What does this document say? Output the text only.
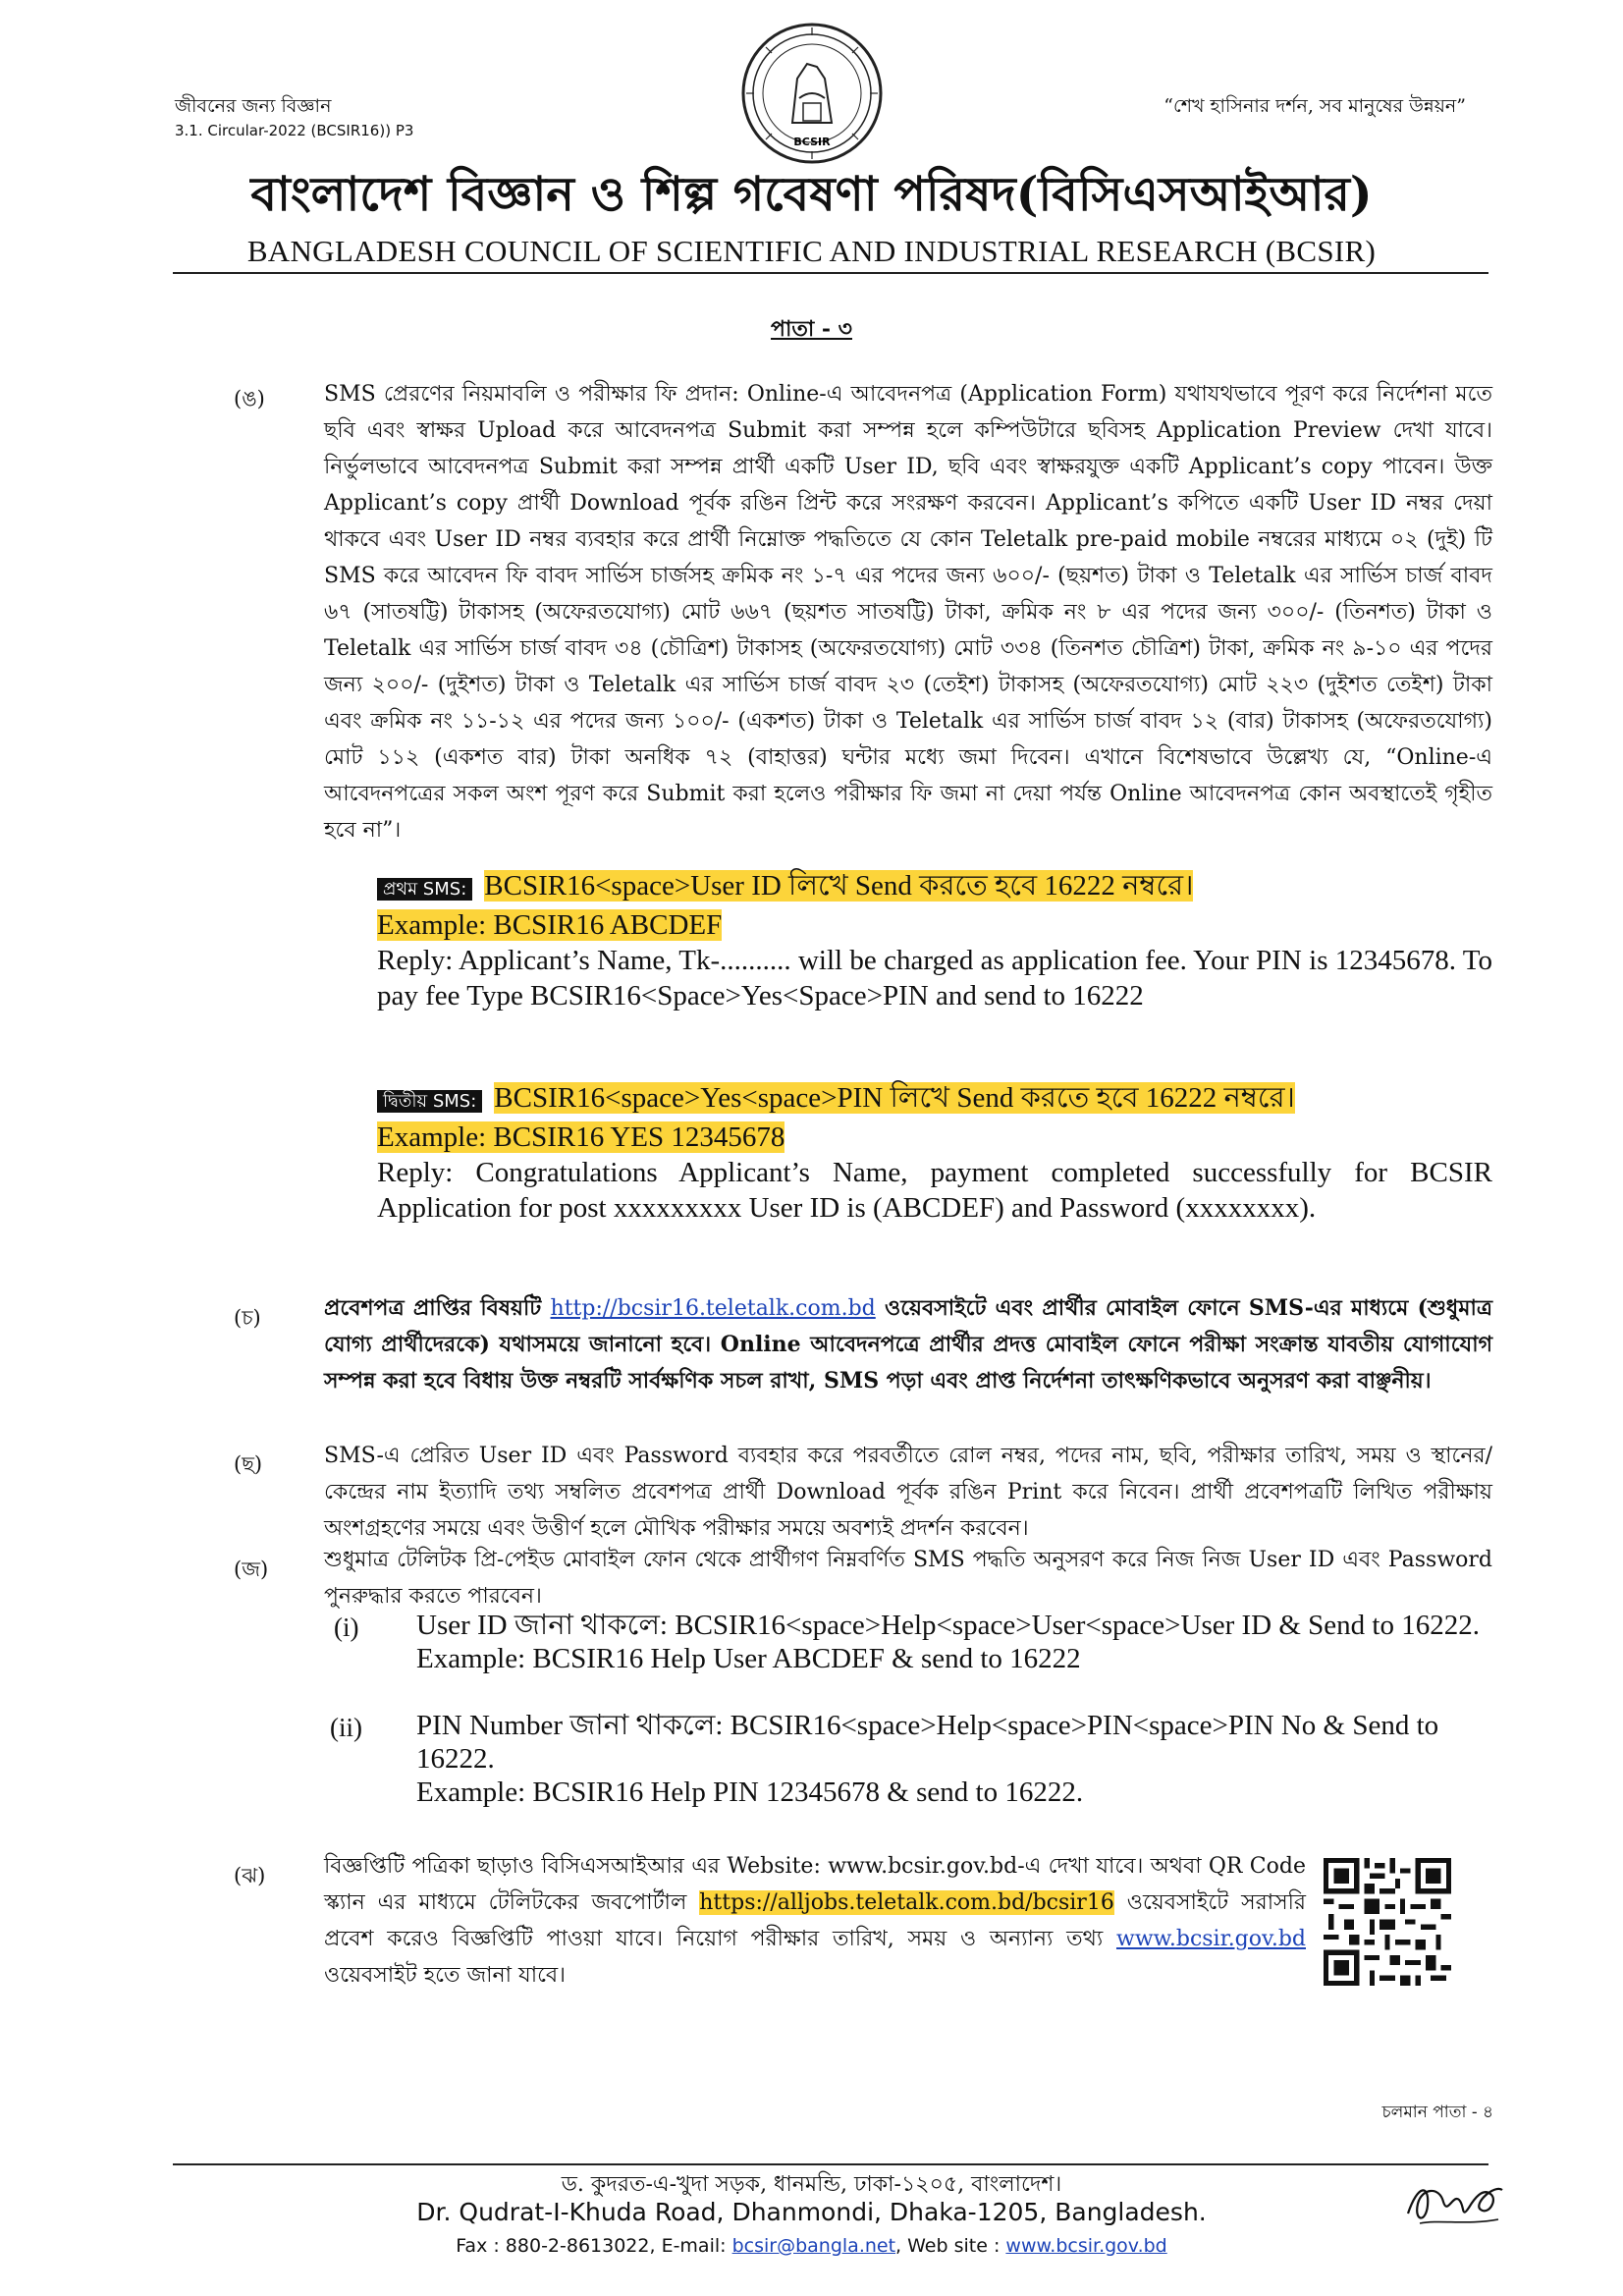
জীবনের জন্য বিজ্ঞান
3.1. Circular-2022 (BCSIR16)) P3
BCSIR
“শেখ হাসিনার দর্শন, সব মানুষের উন্নয়ন”
বাংলাদেশ বিজ্ঞান ও শিল্প গবেষণা পরিষদ(বিসিএসআইআর)
BANGLADESH COUNCIL OF SCIENTIFIC AND INDUSTRIAL RESEARCH (BCSIR)
পাতা - ৩
(ঙ)	SMS প্রেরণের নিয়মাবলি ও পরীক্ষার ফি প্রদান: Online-এ আবেদনপত্র (Application Form) যথাযথভাবে পূরণ করে নির্দেশনা মতে ছবি এবং স্বাক্ষর Upload করে আবেদনপত্র Submit করা সম্পন্ন হলে কম্পিউটারে ছবিসহ Application Preview দেখা যাবে। নির্ভুলভাবে আবেদনপত্র Submit করা সম্পন্ন প্রার্থী একটি User ID, ছবি এবং স্বাক্ষরযুক্ত একটি Applicant’s copy পাবেন। উক্ত Applicant’s copy প্রার্থী Download পূর্বক রঙিন প্রিন্ট করে সংরক্ষণ করবেন। Applicant’s কপিতে একটি User ID নম্বর দেয়া থাকবে এবং User ID নম্বর ব্যবহার করে প্রার্থী নিম্নোক্ত পদ্ধতিতে যে কোন Teletalk pre-paid mobile নম্বরের মাধ্যমে ০২ (দুই) টি SMS করে আবেদন ফি বাবদ সার্ভিস চার্জসহ ক্রমিক নং ১-৭ এর পদের জন্য ৬০০/- (ছয়শত) টাকা ও Teletalk এর সার্ভিস চার্জ বাবদ ৬৭ (সাতষট্টি) টাকাসহ (অফেরতযোগ্য) মোট ৬৬৭ (ছয়শত সাতষট্টি) টাকা, ক্রমিক নং ৮ এর পদের জন্য ৩০০/- (তিনশত) টাকা ও Teletalk এর সার্ভিস চার্জ বাবদ ৩৪ (চৌত্রিশ) টাকাসহ (অফেরতযোগ্য) মোট ৩৩৪ (তিনশত চৌত্রিশ) টাকা, ক্রমিক নং ৯-১০ এর পদের জন্য ২০০/- (দুইশত) টাকা ও Teletalk এর সার্ভিস চার্জ বাবদ ২৩ (তেইশ) টাকাসহ (অফেরতযোগ্য) মোট ২২৩ (দুইশত তেইশ) টাকা এবং ক্রমিক নং ১১-১২ এর পদের জন্য ১০০/- (একশত) টাকা ও Teletalk এর সার্ভিস চার্জ বাবদ ১২ (বার) টাকাসহ (অফেরতযোগ্য) মোট ১১২ (একশত বার) টাকা অনধিক ৭২ (বাহাত্তর) ঘন্টার মধ্যে জমা দিবেন। এখানে বিশেষভাবে উল্লেখ্য যে, “Online-এ আবেদনপত্রের সকল অংশ পূরণ করে Submit করা হলেও পরীক্ষার ফি জমা না দেয়া পর্যন্ত Online আবেদনপত্র কোন অবস্থাতেই গৃহীত হবে না”।
প্রথম SMS: BCSIR16<space>User ID লিখে Send করতে হবে 16222 নম্বরে।
Example: BCSIR16 ABCDEF
Reply: Applicant’s Name, Tk-.......... will be charged as application fee. Your PIN is 12345678. To pay fee Type BCSIR16<Space>Yes<Space>PIN and send to 16222
দ্বিতীয় SMS: BCSIR16<space>Yes<space>PIN লিখে Send করতে হবে 16222 নম্বরে।
Example: BCSIR16 YES 12345678
Reply: Congratulations Applicant’s Name, payment completed successfully for BCSIR Application for post xxxxxxxxx User ID is (ABCDEF) and Password (xxxxxxxx).
(চ)	প্রবেশপত্র প্রাপ্তির বিষয়টি http://bcsir16.teletalk.com.bd ওয়েবসাইটে এবং প্রার্থীর মোবাইল ফোনে SMS-এর মাধ্যমে (শুধুমাত্র যোগ্য প্রার্থীদেরকে) যথাসময়ে জানানো হবে। Online আবেদনপত্রে প্রার্থীর প্রদত্ত মোবাইল ফোনে পরীক্ষা সংক্রান্ত যাবতীয় যোগাযোগ সম্পন্ন করা হবে বিধায় উক্ত নম্বরটি সার্বক্ষণিক সচল রাখা, SMS পড়া এবং প্রাপ্ত নির্দেশনা তাৎক্ষণিকভাবে অনুসরণ করা বাঞ্ছনীয়।
(ছ)	SMS-এ প্রেরিত User ID এবং Password ব্যবহার করে পরবর্তীতে রোল নম্বর, পদের নাম, ছবি, পরীক্ষার তারিখ, সময় ও স্থানের/কেন্দ্রের নাম ইত্যাদি তথ্য সম্বলিত প্রবেশপত্র প্রার্থী Download পূর্বক রঙিন Print করে নিবেন। প্রার্থী প্রবেশপত্রটি লিখিত পরীক্ষায় অংশগ্রহণের সময়ে এবং উত্তীর্ণ হলে মৌখিক পরীক্ষার সময়ে অবশ্যই প্রদর্শন করবেন।
(জ)	শুধুমাত্র টেলিটক প্রি-পেইড মোবাইল ফোন থেকে প্রার্থীগণ নিম্নবর্ণিত SMS পদ্ধতি অনুসরণ করে নিজ নিজ User ID এবং Password পুনরুদ্ধার করতে পারবেন।
(i) User ID জানা থাকলে: BCSIR16<space>Help<space>User<space>User ID & Send to 16222.
Example: BCSIR16 Help User ABCDEF & send to 16222
(ii) PIN Number জানা থাকলে: BCSIR16<space>Help<space>PIN<space>PIN No & Send to 16222.
Example: BCSIR16 Help PIN 12345678 & send to 16222.
(ঝ)	বিজ্ঞপ্তিটি পত্রিকা ছাড়াও বিসিএসআইআর এর Website: www.bcsir.gov.bd-এ দেখা যাবে। অথবা QR Code স্ক্যান এর মাধ্যমে টেলিটকের জবপোর্টাল https://alljobs.teletalk.com.bd/bcsir16 ওয়েবসাইটে সরাসরি প্রবেশ করেও বিজ্ঞপ্তিটি পাওয়া যাবে। নিয়োগ পরীক্ষার তারিখ, সময় ও অন্যান্য তথ্য www.bcsir.gov.bd ওয়েবসাইট হতে জানা যাবে।
চলমান পাতা - ৪
ড. কুদরত-এ-খুদা সড়ক, ধানমন্ডি, ঢাকা-১২০৫, বাংলাদেশ।
Dr. Qudrat-I-Khuda Road, Dhanmondi, Dhaka-1205, Bangladesh.
Fax : 880-2-8613022, E-mail: bcsir@bangla.net, Web site : www.bcsir.gov.bd
